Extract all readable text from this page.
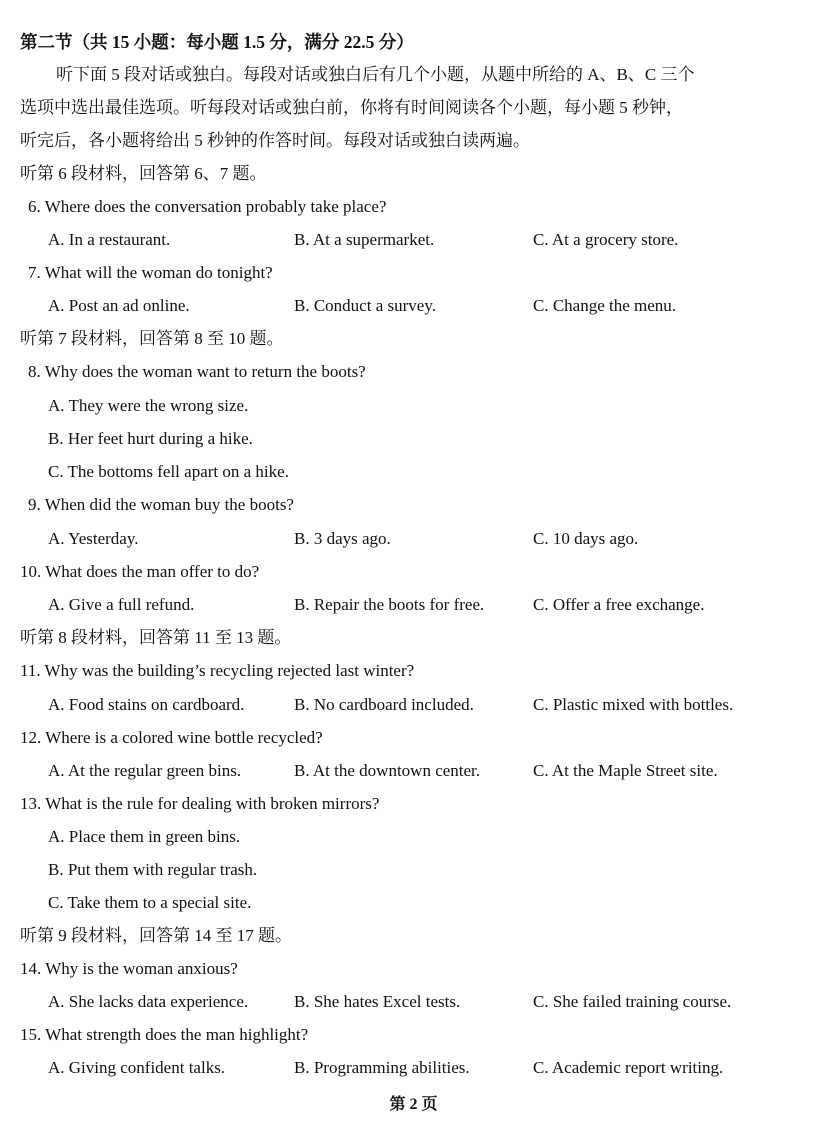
第二节（共 15 小题：每小题 1.5 分，满分 22.5 分）
听下面 5 段对话或独白。每段对话或独白后有几个小题，从题中所给的 A、B、C 三个
选项中选出最佳选项。听每段对话或独白前，你将有时间阅读各个小题，每小题 5 秒钟，
听完后，各小题将给出 5 秒钟的作答时间。每段对话或独白读两遍。
听第 6 段材料，回答第 6、7 题。
6. Where does the conversation probably take place?
A. In a restaurant.	B. At a supermarket.	C. At a grocery store.
7. What will the woman do tonight?
A. Post an ad online.	B. Conduct a survey.	C. Change the menu.
听第 7 段材料，回答第 8 至 10 题。
8. Why does the woman want to return the boots?
A. They were the wrong size.
B. Her feet hurt during a hike.
C. The bottoms fell apart on a hike.
9. When did the woman buy the boots?
A. Yesterday.	B. 3 days ago.	C. 10 days ago.
10. What does the man offer to do?
A. Give a full refund.	B. Repair the boots for free.	C. Offer a free exchange.
听第 8 段材料，回答第 11 至 13 题。
11. Why was the building’s recycling rejected last winter?
A. Food stains on cardboard.	B. No cardboard included.	C. Plastic mixed with bottles.
12. Where is a colored wine bottle recycled?
A. At the regular green bins.	B. At the downtown center.	C. At the Maple Street site.
13. What is the rule for dealing with broken mirrors?
A. Place them in green bins.
B. Put them with regular trash.
C. Take them to a special site.
听第 9 段材料，回答第 14 至 17 题。
14. Why is the woman anxious?
A. She lacks data experience.	B. She hates Excel tests.	C. She failed training course.
15. What strength does the man highlight?
A. Giving confident talks.	B. Programming abilities.	C. Academic report writing.
第 2 页
